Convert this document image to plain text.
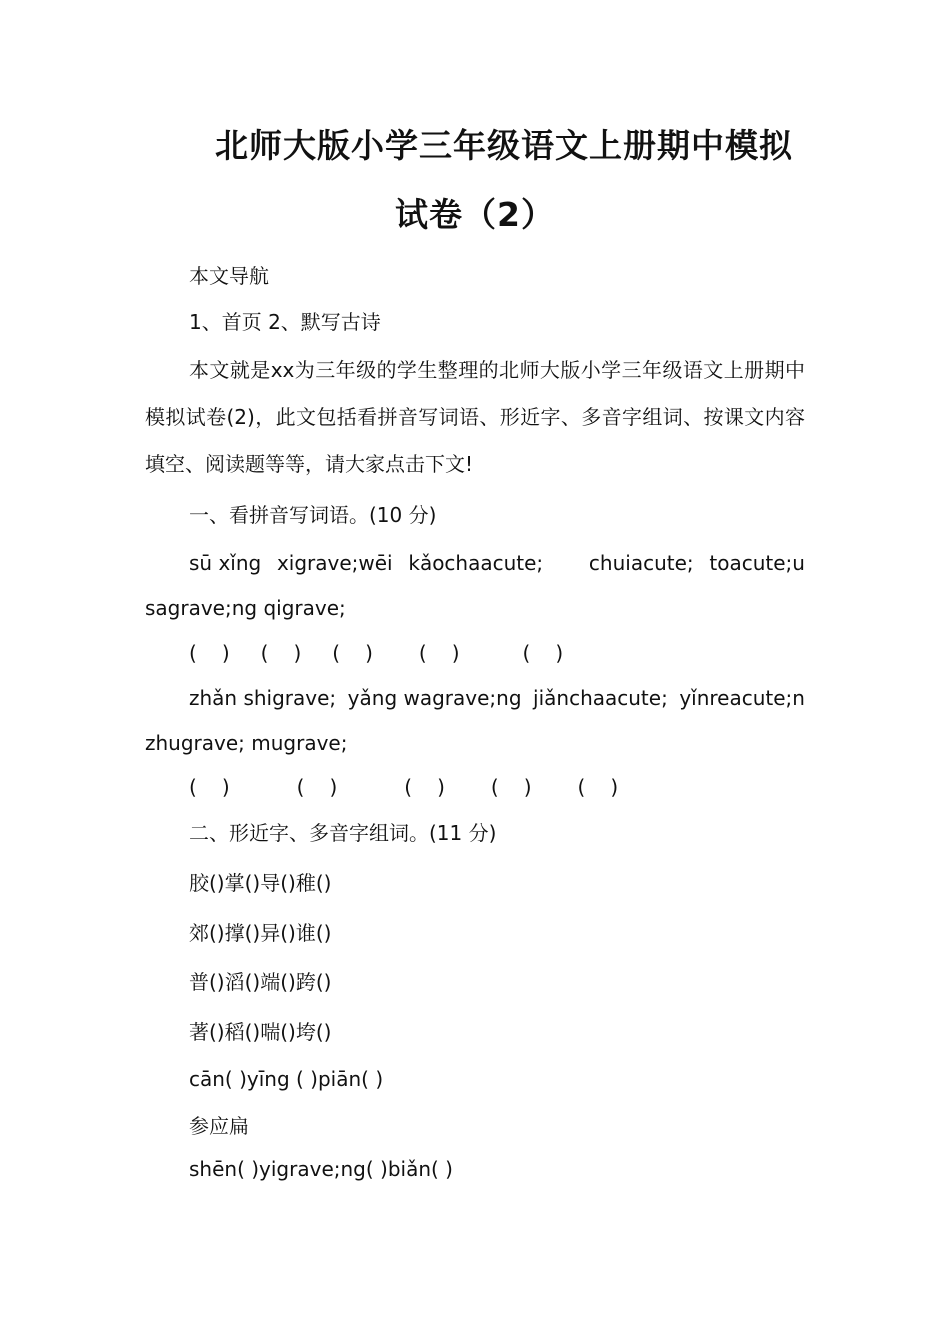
北师大版小学三年级语文上册期中模拟
试卷（2）

本文导航

1、首页 2、默写古诗

本文就是xx为三年级的学生整理的北师大版小学三年级语文上册期中模拟试卷(2)，此文包括看拼音写词语、形近字、多音字组词、按课文内容填空、阅读题等等，请大家点击下文!

一、看拼音写词语。(10 分)

sū xǐng xigrave;wēi kǎochaacute; chuiacute; toacute;u

sagrave;ng qigrave;

( ) ( ) ( ) ( )	( )
zhǎn shigrave; yǎng wagrave;ng jiǎnchaacute; yǐnreacute;n

zhugrave; mugrave;

( )	( )	( ) ( ) ( )

二、形近字、多音字组词。(11 分)

胶()掌()导()稚()

郊()撑()异()谁()

普()滔()端()跨()

著()稻()喘()垮()

cān( )yīng ( )piān( )

参应扁

shēn( )yigrave;ng( )biǎn( )
